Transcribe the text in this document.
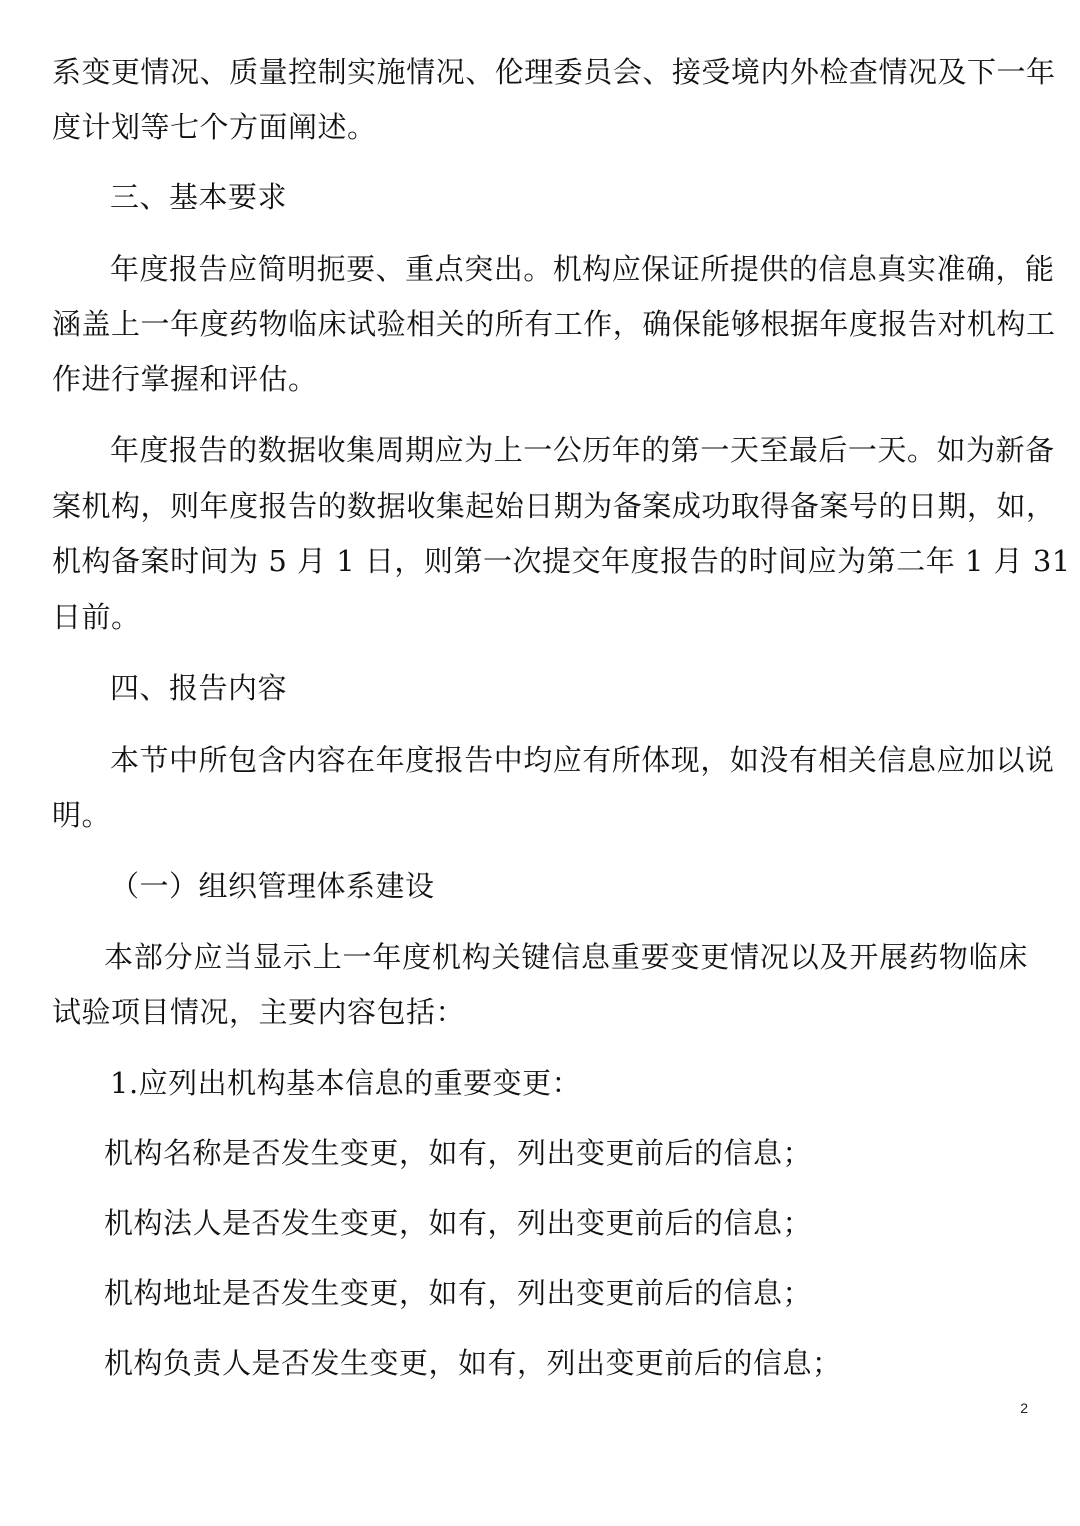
系 变 更 情 况 、 质 量 控 制 实 施 情 况 、 伦 理 委 员 会 、 接 受 境 内 外 检 查 情 况 及 下 一 年
度计划等七个方面阐述。
三、基本要求
年 度 报 告 应 简 明 扼 要 、 重 点 突 出 。 机 构 应 保 证 所 提 供 的 信 息 真 实 准 确 ， 能
涵 盖 上 一 年 度 药 物 临 床 试 验 相 关 的 所 有 工 作 ， 确 保 能 够 根 据 年 度 报 告 对 机 构 工
作进行掌握和评估。
年 度 报 告 的 数 据 收 集 周 期 应 为 上 一 公 历 年 的 第 一 天 至 最 后 一 天 。 如 为 新 备
案 机 构 ， 则 年 度 报 告 的 数 据 收 集 起 始 日 期 为 备 案 成 功 取 得 备 案 号 的 日 期 ， 如 ，
机 构 备 案 时 间 为
5
月
1
日 ， 则 第 一 次 提 交 年 度 报 告 的 时 间 应 为 第 二 年
1
月
3 1
日前。
四、报告内容
本 节 中 所 包 含 内 容 在 年 度 报 告 中 均 应 有 所 体 现 ， 如 没 有 相 关 信 息 应 加 以 说
明。
（一）组织管理体系建设
本 部 分 应 当 显 示 上 一 年 度 机 构 关 键 信 息 重 要 变 更 情 况 以 及 开 展 药 物 临 床
试验项目情况，主要内容包括：
1.应列出机构基本信息的重要变更：
机构名称是否发生变更，如有，列出变更前后的信息；
机构法人是否发生变更，如有，列出变更前后的信息；
机构地址是否发生变更，如有，列出变更前后的信息；
机构负责人是否发生变更，如有，列出变更前后的信息；
2
